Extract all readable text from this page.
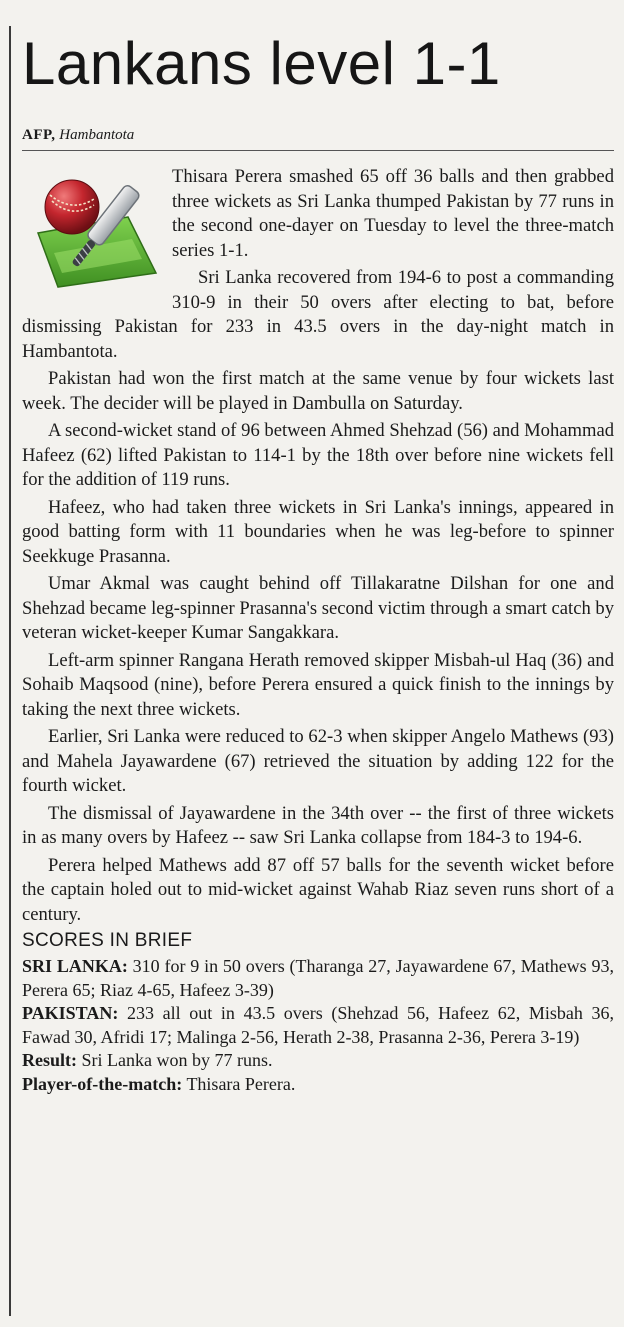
Lankans level 1-1
AFP, Hambantota

Thisara Perera smashed 65 off 36 balls and then grabbed three wickets as Sri Lanka thumped Pakistan by 77 runs in the second one-dayer on Tuesday to level the three-match series 1-1.

Sri Lanka recovered from 194-6 to post a commanding 310-9 in their 50 overs after electing to bat, before dismissing Pakistan for 233 in 43.5 overs in the day-night match in Hambantota.

Pakistan had won the first match at the same venue by four wickets last week. The decider will be played in Dambulla on Saturday.

A second-wicket stand of 96 between Ahmed Shehzad (56) and Mohammad Hafeez (62) lifted Pakistan to 114-1 by the 18th over before nine wickets fell for the addition of 119 runs.

Hafeez, who had taken three wickets in Sri Lanka's innings, appeared in good batting form with 11 boundaries when he was leg-before to spinner Seekkuge Prasanna.

Umar Akmal was caught behind off Tillakaratne Dilshan for one and Shehzad became leg-spinner Prasanna's second victim through a smart catch by veteran wicket-keeper Kumar Sangakkara.

Left-arm spinner Rangana Herath removed skipper Misbah-ul Haq (36) and Sohaib Maqsood (nine), before Perera ensured a quick finish to the innings by taking the next three wickets.

Earlier, Sri Lanka were reduced to 62-3 when skipper Angelo Mathews (93) and Mahela Jayawardene (67) retrieved the situation by adding 122 for the fourth wicket.

The dismissal of Jayawardene in the 34th over -- the first of three wickets in as many overs by Hafeez -- saw Sri Lanka collapse from 184-3 to 194-6.

Perera helped Mathews add 87 off 57 balls for the seventh wicket before the captain holed out to mid-wicket against Wahab Riaz seven runs short of a century.

SCORES IN BRIEF

SRI LANKA: 310 for 9 in 50 overs (Tharanga 27, Jayawardene 67, Mathews 93, Perera 65; Riaz 4-65, Hafeez 3-39)

PAKISTAN: 233 all out in 43.5 overs (Shehzad 56, Hafeez 62, Misbah 36, Fawad 30, Afridi 17; Malinga 2-56, Herath 2-38, Prasanna 2-36, Perera 3-19)

Result: Sri Lanka won by 77 runs.

Player-of-the-match: Thisara Perera.
